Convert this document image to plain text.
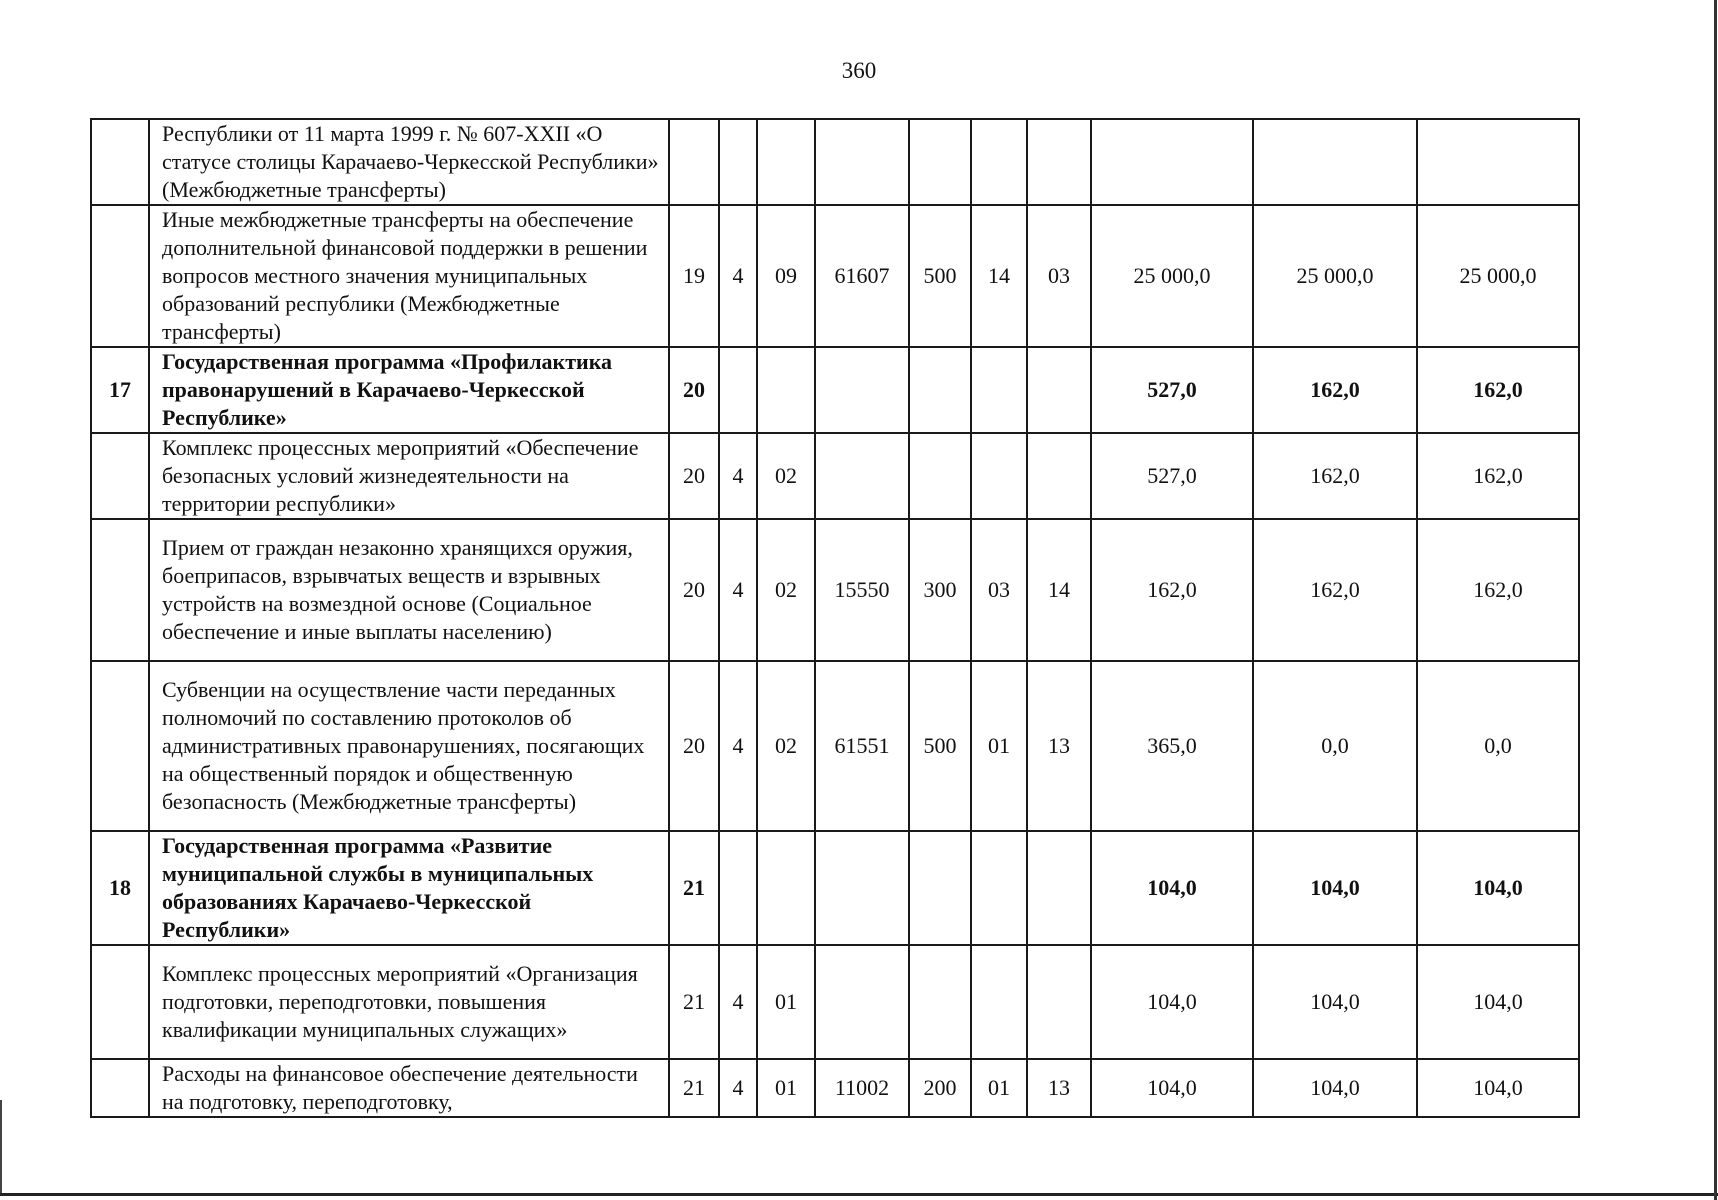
360
	Республики от 11 марта 1999 г. № 607-XXII «О статусе столицы Карачаево-Черкесской Республики» (Межбюджетные трансферты)										
	Иные межбюджетные трансферты на обеспечение дополнительной финансовой поддержки в решении вопросов местного значения муниципальных образований республики (Межбюджетные трансферты)	19	4	09	61607	500	14	03	25 000,0	25 000,0	25 000,0
17	Государственная программа «Профилактика правонарушений в Карачаево-Черкесской Республике»	20							527,0	162,0	162,0
	Комплекс процессных мероприятий «Обеспечение безопасных условий жизнедеятельности на территории республики»	20	4	02					527,0	162,0	162,0
	Прием от граждан незаконно хранящихся оружия, боеприпасов, взрывчатых веществ и взрывных устройств на возмездной основе (Социальное обеспечение и иные выплаты населению)	20	4	02	15550	300	03	14	162,0	162,0	162,0
	Субвенции на осуществление части переданных полномочий по составлению протоколов об административных правонарушениях, посягающих на общественный порядок и общественную безопасность (Межбюджетные трансферты)	20	4	02	61551	500	01	13	365,0	0,0	0,0
18	Государственная программа «Развитие муниципальной службы в муниципальных образованиях Карачаево-Черкесской Республики»	21							104,0	104,0	104,0
	Комплекс процессных мероприятий «Организация подготовки, переподготовки, повышения квалификации муниципальных служащих»	21	4	01					104,0	104,0	104,0
	Расходы на финансовое обеспечение деятельности на подготовку, переподготовку,	21	4	01	11002	200	01	13	104,0	104,0	104,0
